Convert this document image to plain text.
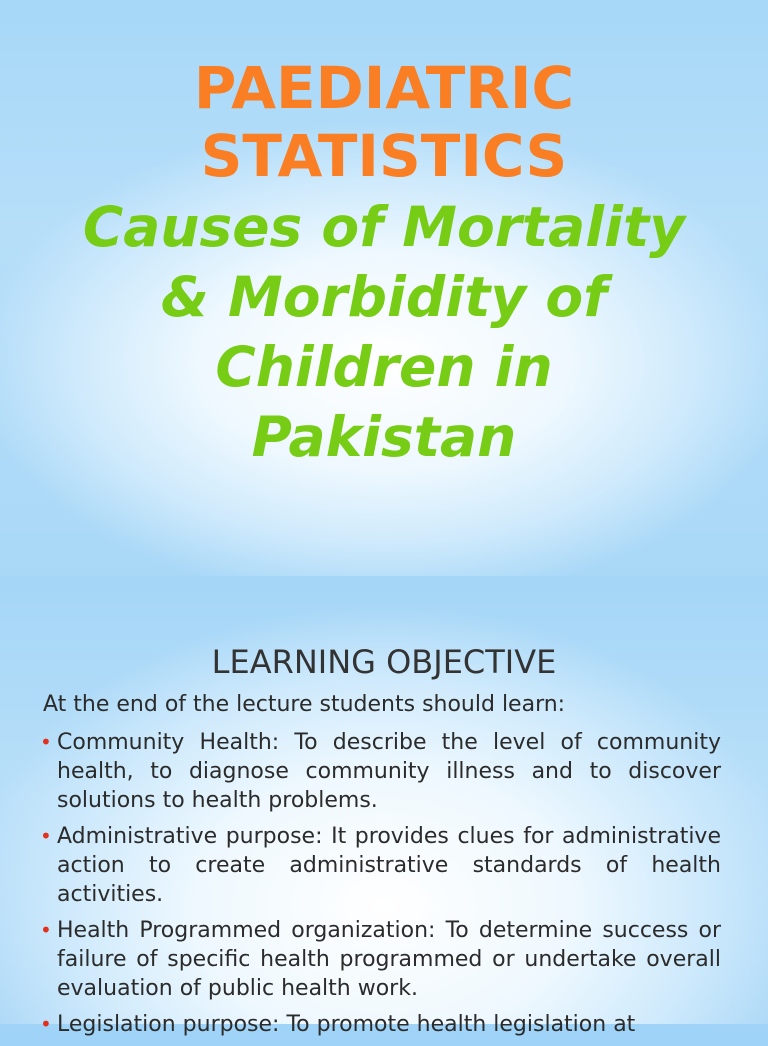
PAEDIATRIC
STATISTICS
Causes of Mortality
& Morbidity of
Children in
Pakistan
LEARNING OBJECTIVE
At the end of the lecture students should learn:
• Community Health: To describe the level of community health, to diagnose community illness and to discover solutions to health problems.
• Administrative purpose: It provides clues for administrative action to create administrative standards of health activities.
• Health Programmed organization: To determine success or failure of specific health programmed or undertake overall evaluation of public health work.
• Legislation purpose: To promote health legislation at
